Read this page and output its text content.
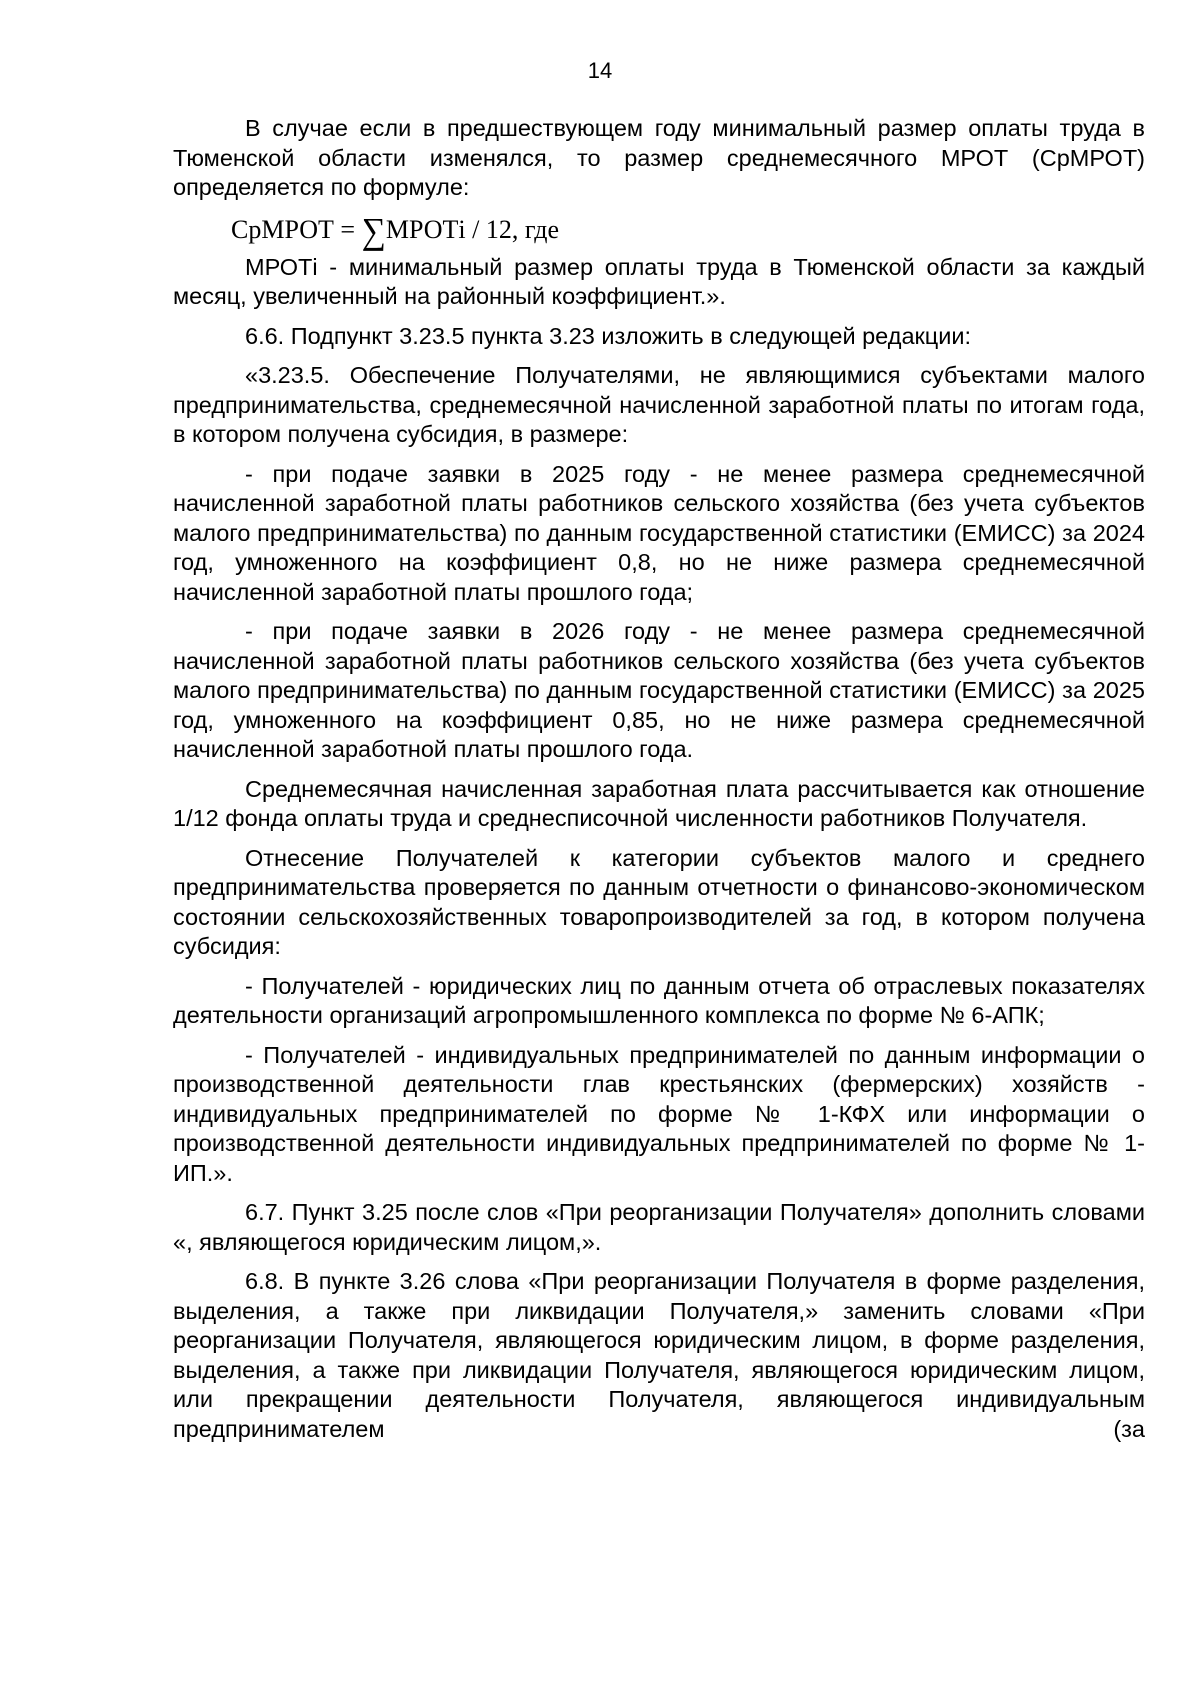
14

В случае если в предшествующем году минимальный размер оплаты труда в Тюменской области изменялся, то размер среднемесячного МРОТ (СрМРОТ) определяется по формуле:

СрМРОТ = ∑МРОТi / 12, где

МРОТi - минимальный размер оплаты труда в Тюменской области за каждый месяц, увеличенный на районный коэффициент.».

6.6. Подпункт 3.23.5 пункта 3.23 изложить в следующей редакции:

«3.23.5. Обеспечение Получателями, не являющимися субъектами малого предпринимательства, среднемесячной начисленной заработной платы по итогам года, в котором получена субсидия, в размере:

- при подаче заявки в 2025 году - не менее размера среднемесячной начисленной заработной платы работников сельского хозяйства (без учета субъектов малого предпринимательства) по данным государственной статистики (ЕМИСС) за 2024 год, умноженного на коэффициент 0,8, но не ниже размера среднемесячной начисленной заработной платы прошлого года;

- при подаче заявки в 2026 году - не менее размера среднемесячной начисленной заработной платы работников сельского хозяйства (без учета субъектов малого предпринимательства) по данным государственной статистики (ЕМИСС) за 2025 год, умноженного на коэффициент 0,85, но не ниже размера среднемесячной начисленной заработной платы прошлого года.

Среднемесячная начисленная заработная плата рассчитывается как отношение 1/12 фонда оплаты труда и среднесписочной численности работников Получателя.

Отнесение Получателей к категории субъектов малого и среднего предпринимательства проверяется по данным отчетности о финансово-экономическом состоянии сельскохозяйственных товаропроизводителей за год, в котором получена субсидия:

- Получателей - юридических лиц по данным отчета об отраслевых показателях деятельности организаций агропромышленного комплекса по форме № 6-АПК;

- Получателей - индивидуальных предпринимателей по данным информации о производственной деятельности глав крестьянских (фермерских) хозяйств - индивидуальных предпринимателей по форме № 1-КФХ или информации о производственной деятельности индивидуальных предпринимателей по форме № 1-ИП.».

6.7. Пункт 3.25 после слов «При реорганизации Получателя» дополнить словами «, являющегося юридическим лицом,».

6.8. В пункте 3.26 слова «При реорганизации Получателя в форме разделения, выделения, а также при ликвидации Получателя,» заменить словами «При реорганизации Получателя, являющегося юридическим лицом, в форме разделения, выделения, а также при ликвидации Получателя, являющегося юридическим лицом, или прекращении деятельности Получателя, являющегося индивидуальным предпринимателем (за
